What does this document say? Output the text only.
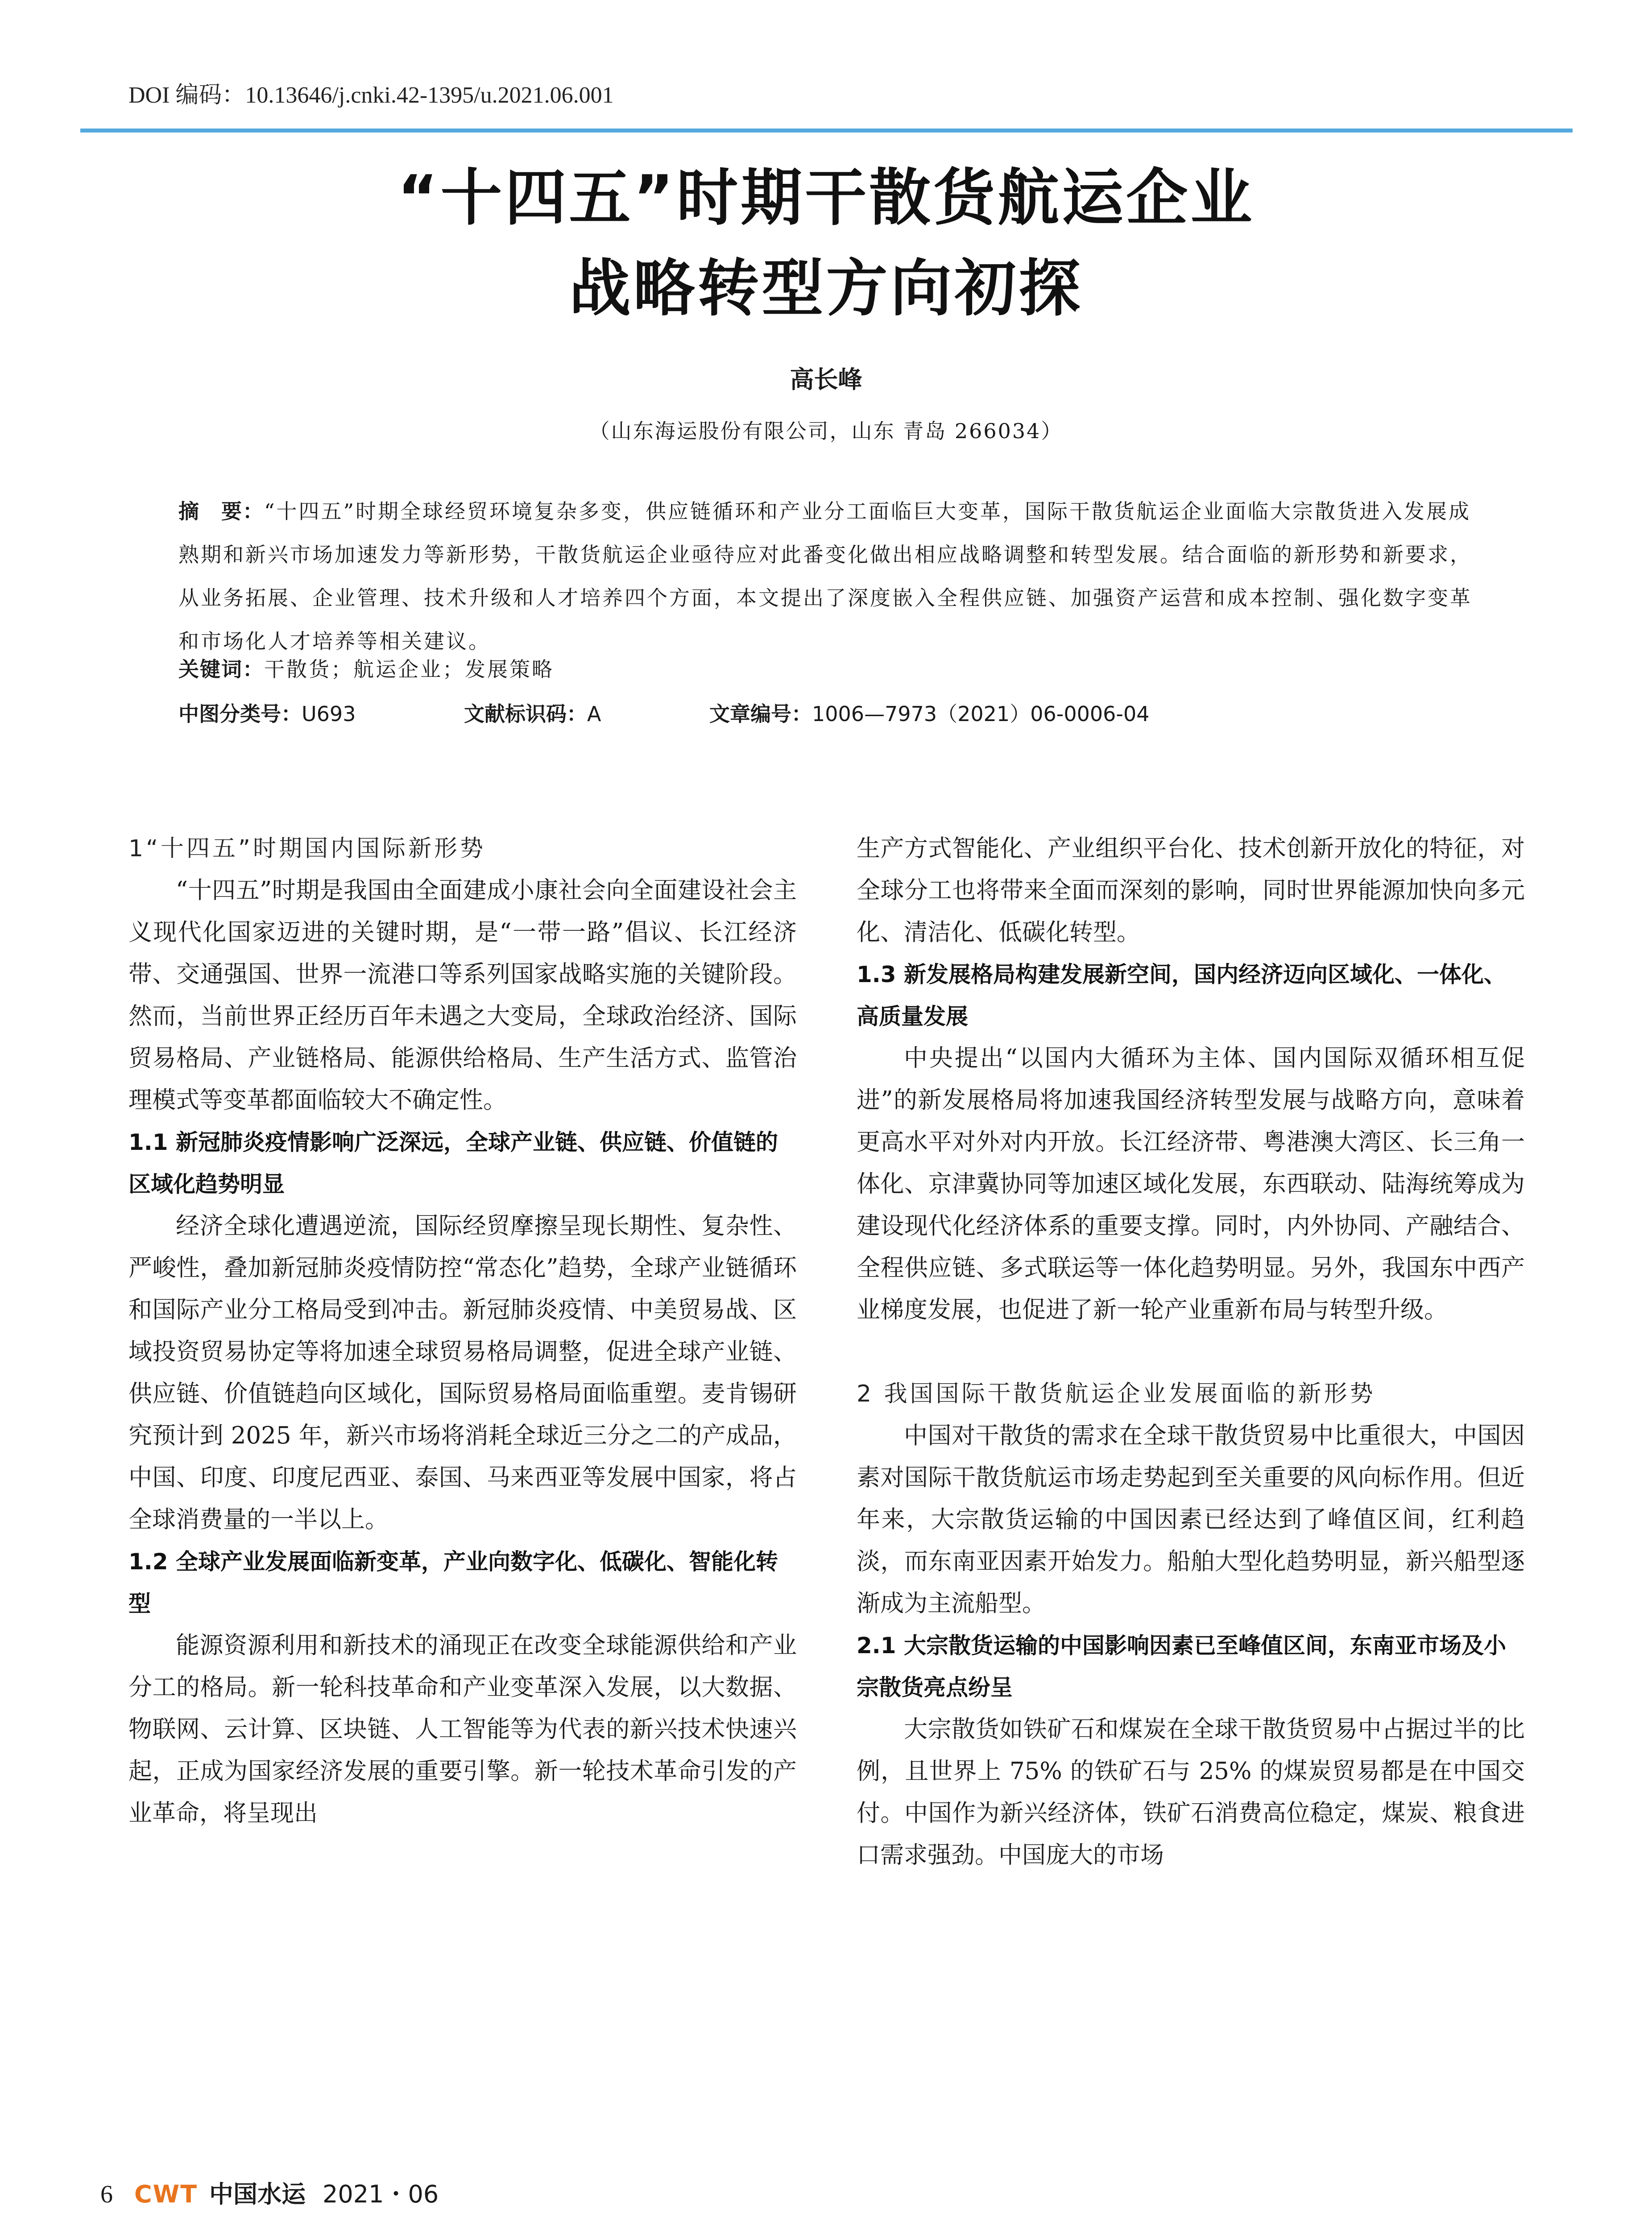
DOI 编码：10.13646/j.cnki.42-1395/u.2021.06.001
“十四五”时期干散货航运企业
战略转型方向初探
高长峰
（山东海运股份有限公司，山东 青岛 266034）
摘　要：“十四五”时期全球经贸环境复杂多变，供应链循环和产业分工面临巨大变革，国际干散货航运企业面临大宗散货进入发展成熟期和新兴市场加速发力等新形势，干散货航运企业亟待应对此番变化做出相应战略调整和转型发展。结合面临的新形势和新要求，从业务拓展、企业管理、技术升级和人才培养四个方面，本文提出了深度嵌入全程供应链、加强资产运营和成本控制、强化数字变革和市场化人才培养等相关建议。
关键词：干散货；航运企业；发展策略
中图分类号：U693	文献标识码：A	文章编号：1006—7973（2021）06-0006-04

1“十四五”时期国内国际新形势

“十四五”时期是我国由全面建成小康社会向全面建设社会主义现代化国家迈进的关键时期，是“一带一路”倡议、长江经济带、交通强国、世界一流港口等系列国家战略实施的关键阶段。然而，当前世界正经历百年未遇之大变局，全球政治经济、国际贸易格局、产业链格局、能源供给格局、生产生活方式、监管治理模式等变革都面临较大不确定性。

1.1 新冠肺炎疫情影响广泛深远，全球产业链、供应链、价值链的区域化趋势明显

经济全球化遭遇逆流，国际经贸摩擦呈现长期性、复杂性、严峻性，叠加新冠肺炎疫情防控“常态化”趋势，全球产业链循环和国际产业分工格局受到冲击。新冠肺炎疫情、中美贸易战、区域投资贸易协定等将加速全球贸易格局调整，促进全球产业链、供应链、价值链趋向区域化，国际贸易格局面临重塑。麦肯锡研究预计到 2025 年，新兴市场将消耗全球近三分之二的产成品，中国、印度、印度尼西亚、泰国、马来西亚等发展中国家，将占全球消费量的一半以上。

1.2 全球产业发展面临新变革，产业向数字化、低碳化、智能化转型

能源资源利用和新技术的涌现正在改变全球能源供给和产业分工的格局。新一轮科技革命和产业变革深入发展，以大数据、物联网、云计算、区块链、人工智能等为代表的新兴技术快速兴起，正成为国家经济发展的重要引擎。新一轮技术革命引发的产业革命，将呈现出

生产方式智能化、产业组织平台化、技术创新开放化的特征，对全球分工也将带来全面而深刻的影响，同时世界能源加快向多元化、清洁化、低碳化转型。

1.3 新发展格局构建发展新空间，国内经济迈向区域化、一体化、高质量发展

中央提出“以国内大循环为主体、国内国际双循环相互促进”的新发展格局将加速我国经济转型发展与战略方向，意味着更高水平对外对内开放。长江经济带、粤港澳大湾区、长三角一体化、京津冀协同等加速区域化发展，东西联动、陆海统筹成为建设现代化经济体系的重要支撑。同时，内外协同、产融结合、全程供应链、多式联运等一体化趋势明显。另外，我国东中西产业梯度发展，也促进了新一轮产业重新布局与转型升级。

2 我国国际干散货航运企业发展面临的新形势

中国对干散货的需求在全球干散货贸易中比重很大，中国因素对国际干散货航运市场走势起到至关重要的风向标作用。但近年来，大宗散货运输的中国因素已经达到了峰值区间，红利趋淡，而东南亚因素开始发力。船舶大型化趋势明显，新兴船型逐渐成为主流船型。

2.1 大宗散货运输的中国影响因素已至峰值区间，东南亚市场及小宗散货亮点纷呈

大宗散货如铁矿石和煤炭在全球干散货贸易中占据过半的比例，且世界上 75% 的铁矿石与 25% 的煤炭贸易都是在中国交付。中国作为新兴经济体，铁矿石消费高位稳定，煤炭、粮食进口需求强劲。中国庞大的市场

6 CWT 中国水运 2021・06
